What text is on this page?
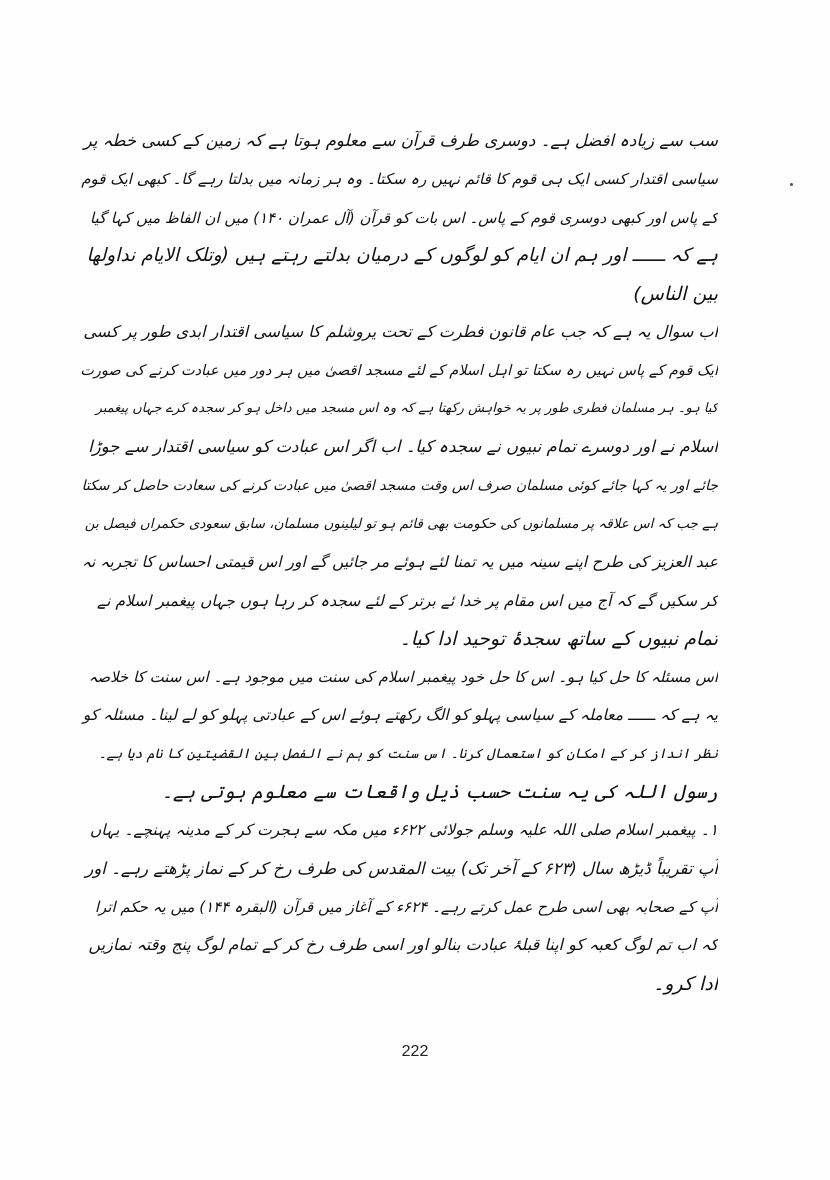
سب سے زیادہ افضل ہے۔ دوسری طرف قرآن سے معلوم ہوتا ہے کہ زمین کے کسی خطہ پر
سیاسی اقتدار کسی ایک ہی قوم کا قائم نہیں رہ سکتا۔ وہ ہر زمانہ میں بدلتا رہے گا۔ کبھی ایک قوم
کے پاس اور کبھی دوسری قوم کے پاس۔ اس بات کو قرآن (آل عمران ۱۴۰) میں ان الفاظ میں کہا گیا
ہے کہ ــــــ اور ہم ان ایام کو لوگوں کے درمیان بدلتے رہتے ہیں (وتلک الایام نداولها
بین الناس)
اب سوال یہ ہے کہ جب عام قانون فطرت کے تحت یروشلم کا سیاسی اقتدار ابدی طور پر کسی
ایک قوم کے پاس نہیں رہ سکتا تو اہل اسلام کے لئے مسجد اقصیٰ میں ہر دور میں عبادت کرنے کی صورت
کیا ہو۔ ہر مسلمان فطری طور پر یہ خواہش رکھتا ہے کہ وہ اس مسجد میں داخل ہو کر سجدہ کرے جہاں پیغمبر
اسلام نے اور دوسرے تمام نبیوں نے سجدہ کیا۔ اب اگر اس عبادت کو سیاسی اقتدار سے جوڑا
جائے اور یہ کہا جائے کوئی مسلمان صرف اس وقت مسجد اقصیٰ میں عبادت کرنے کی سعادت حاصل کر سکتا
ہے جب کہ اس علاقہ پر مسلمانوں کی حکومت بھی قائم ہو تو لیلینوں مسلمان، سابق سعودی حکمراں فیصل بن
عبد العزیز کی طرح اپنے سینہ میں یہ تمنا لئے ہوئے مر جائیں گے اور اس قیمتی احساس کا تجربہ نہ
کر سکیں گے کہ آج میں اس مقام پر خدا ئے برتر کے لئے سجدہ کر رہا ہوں جہاں پیغمبر اسلام نے
تمام نبیوں کے ساتھ سجدۂ توحید ادا کیا۔
اس مسئلہ کا حل کیا ہو۔ اس کا حل خود پیغمبر اسلام کی سنت میں موجود ہے۔ اس سنت کا خلاصہ
یہ ہے کہ ــــــ معاملہ کے سیاسی پہلو کو الگ رکھتے ہوئے اس کے عبادتی پہلو کو لے لینا۔ مسئلہ کو
نظر انداز کر کے امکان کو استعمال کرنا۔ اس سنت کو ہم نے الفصل بین القضیتین کا نام دیا ہے۔
رسول اللہ کی یہ سنت حسب ذیل واقعات سے معلوم ہوتی ہے۔
۱۔ پیغمبر اسلام صلی اللہ علیہ وسلم جولائی ۶۲۲ء میں مکہ سے ہجرت کر کے مدینہ پہنچے۔ یہاں
آپ تقریباً ڈیڑھ سال (۶۲۳ کے آخر تک) بیت المقدس کی طرف رخ کر کے نماز پڑھتے رہے۔ اور
آپ کے صحابہ بھی اسی طرح عمل کرتے رہے۔ ۶۲۴ء کے آغاز میں قرآن (البقرہ ۱۴۴) میں یہ حکم اترا
کہ اب تم لوگ کعبہ کو اپنا قبلۂ عبادت بنالو اور اسی طرف رخ کر کے تمام لوگ پنج وقتہ نمازیں
ادا کرو۔
222
